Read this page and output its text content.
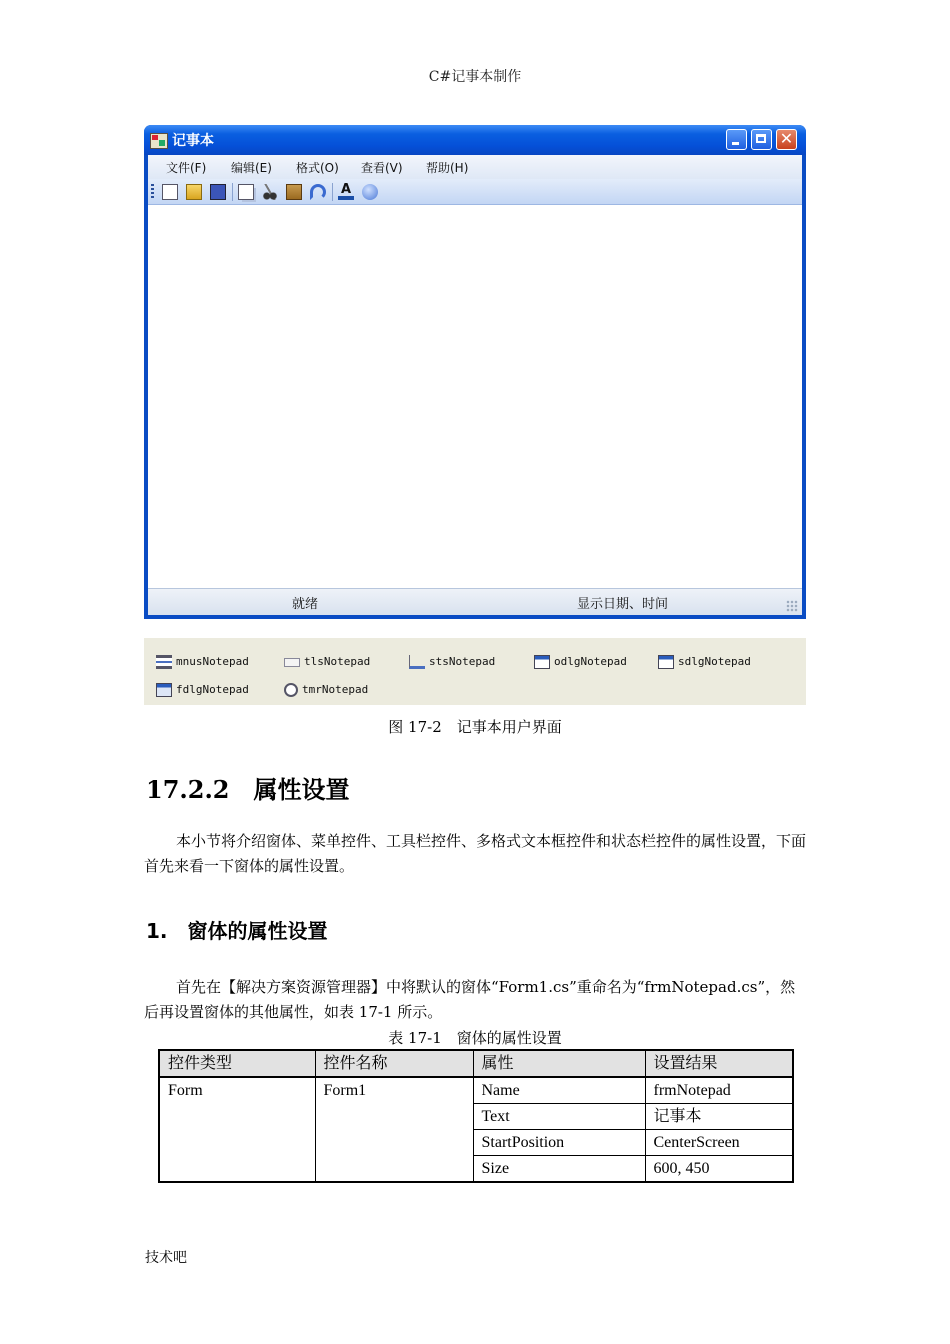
C#记事本制作
记事本	✕
文件(F) 编辑(E) 格式(O) 查看(V) 帮助(H)
A
就绪	显示日期、时间
mnusNotepad	tlsNotepad	stsNotepad	odlgNotepad	sdlgNotepad
fdlgNotepad	tmrNotepad
图 17-2　记事本用户界面
17.2.2　属性设置
本小节将介绍窗体、菜单控件、工具栏控件、多格式文本框控件和状态栏控件的属性设置，下面首先来看一下窗体的属性设置。
1.　窗体的属性设置
首先在【解决方案资源管理器】中将默认的窗体“Form1.cs”重命名为“frmNotepad.cs”，然后再设置窗体的其他属性，如表 17-1 所示。
表 17-1　窗体的属性设置
控件类型	控件名称	属性	设置结果
Form	Form1	Name	frmNotepad
		Text	记事本
		StartPosition	CenterScreen
		Size	600, 450
技术吧
